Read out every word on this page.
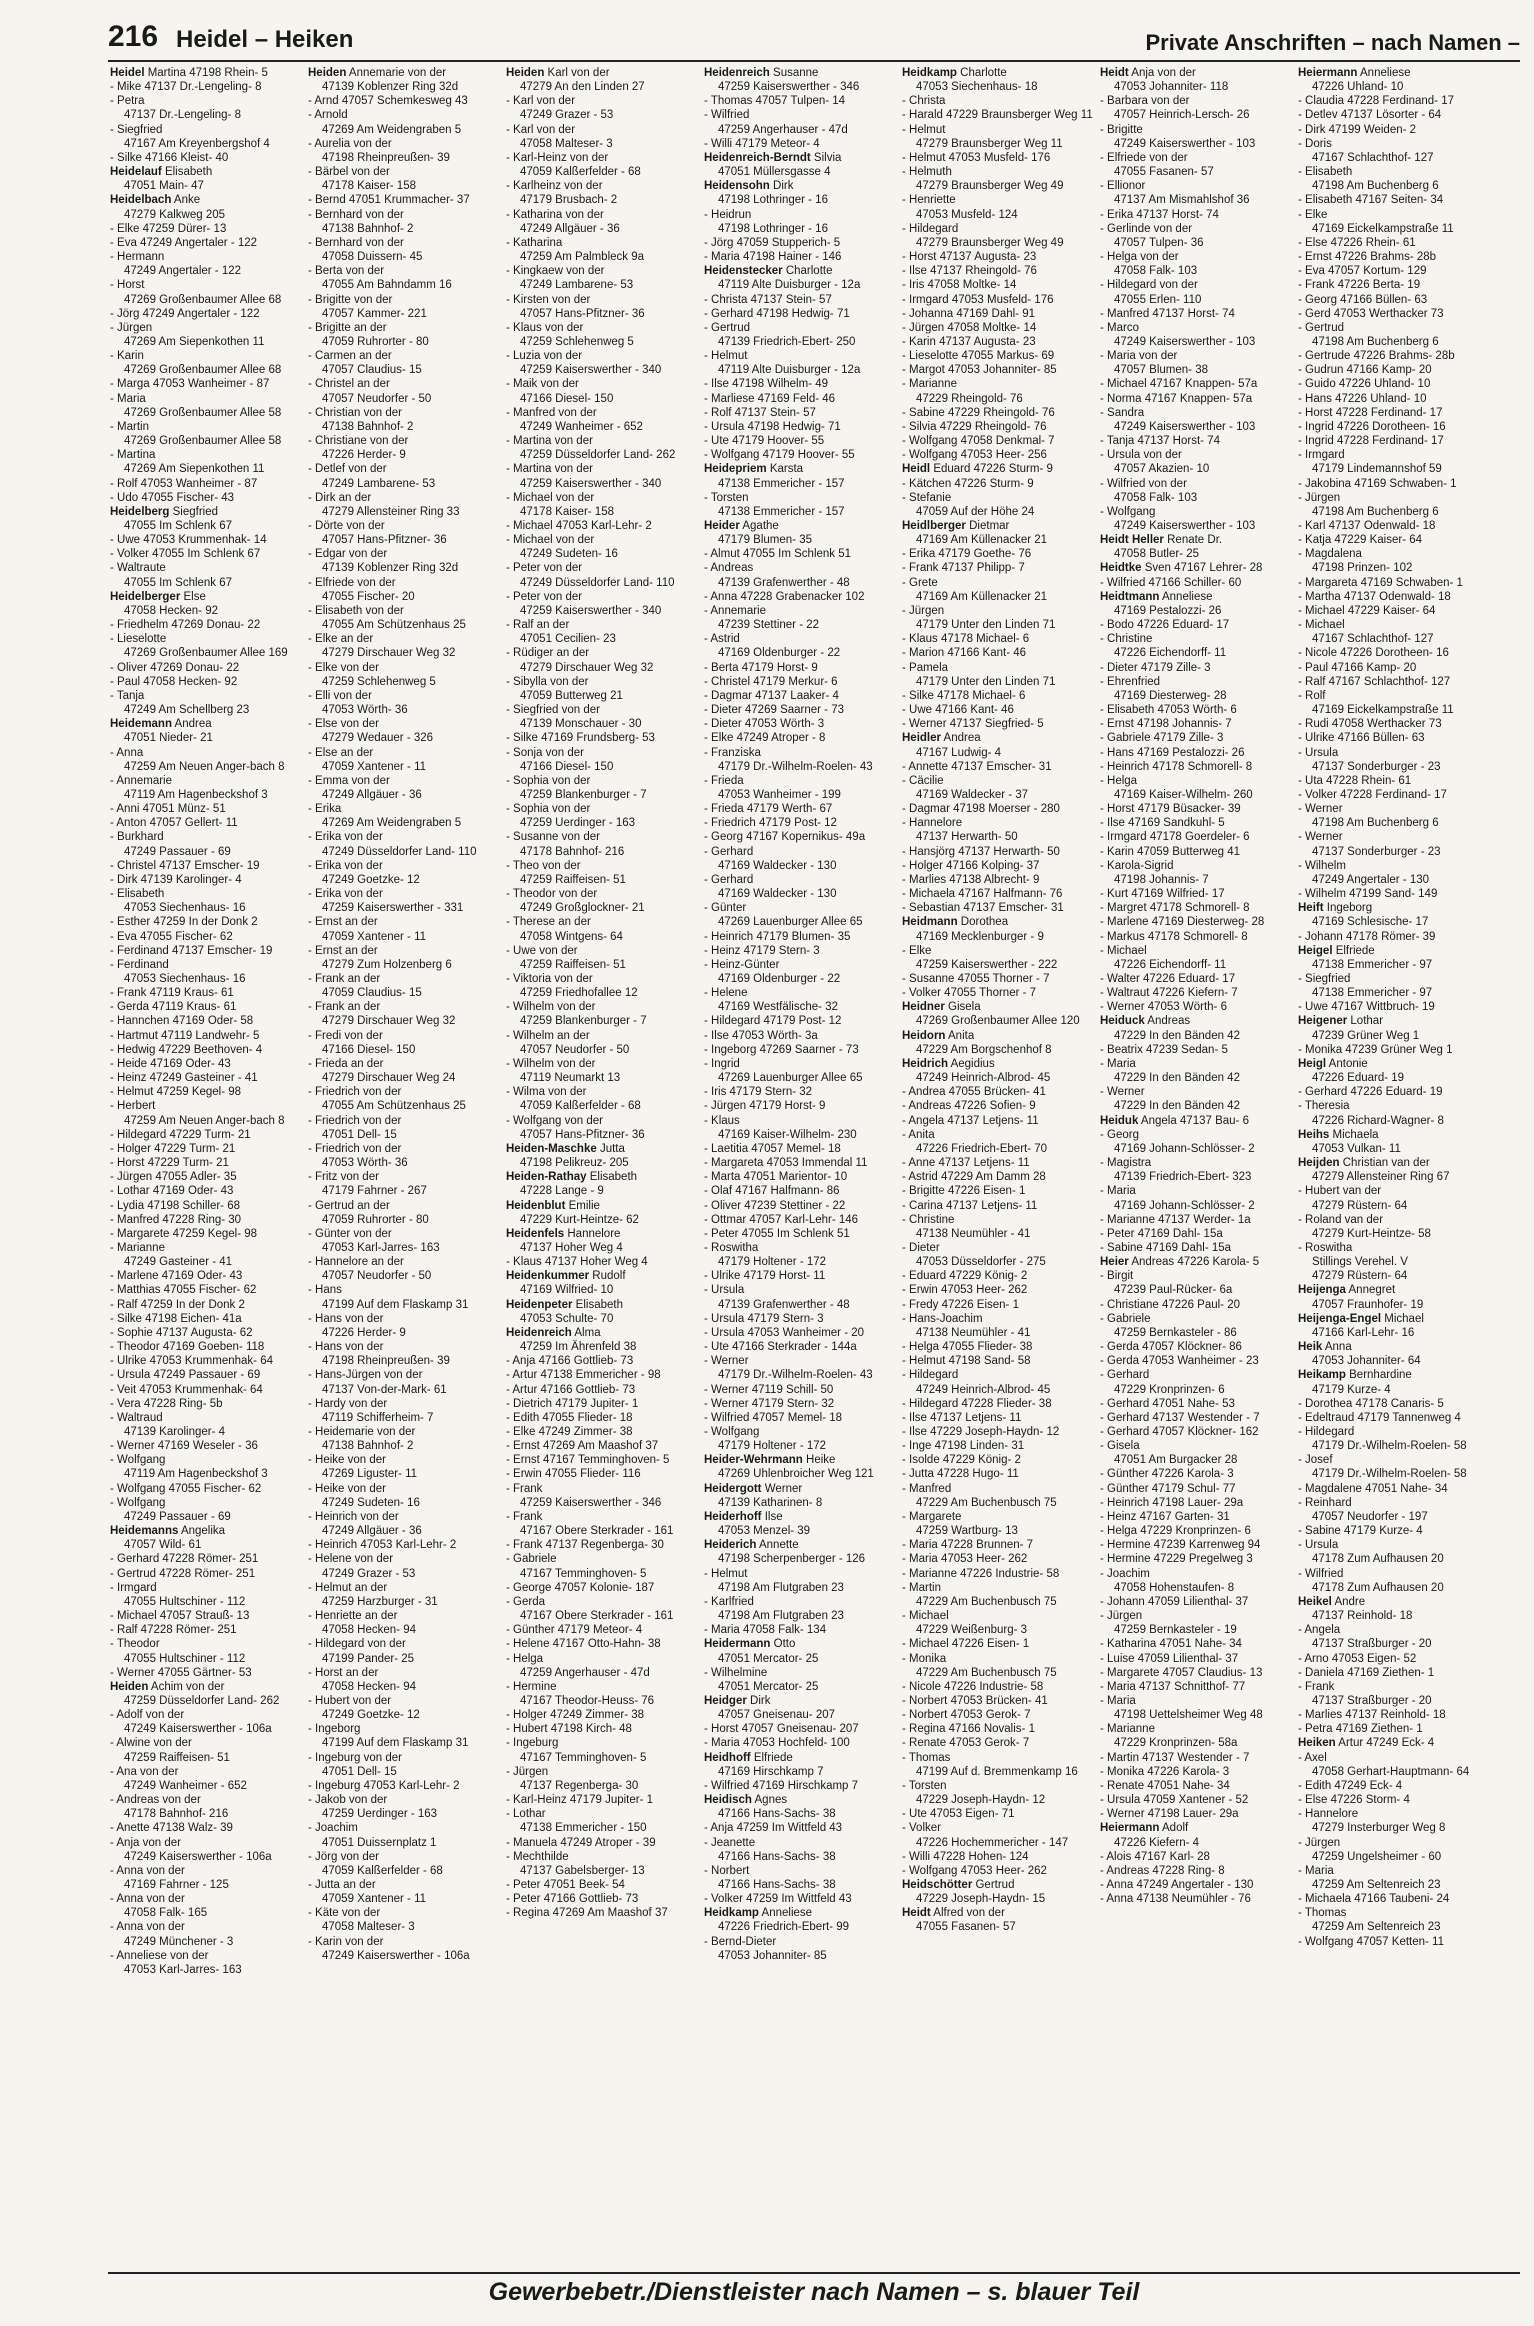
216 Heidel – Heiken	Private Anschriften – nach Namen –
Heidel Martina 47198 Rhein- 5
- Mike 47137 Dr.-Lengeling- 8
- Petra
47137 Dr.-Lengeling- 8
- Siegfried
47167 Am Kreyenbergshof 4
- Silke 47166 Kleist- 40
Heidelauf Elisabeth
47051 Main- 47
Heidelbach Anke
47279 Kalkweg 205
- Elke 47259 Dürer- 13
- Eva 47249 Angertaler - 122
- Hermann
47249 Angertaler - 122
- Horst
47269 Großenbaumer Allee 68
- Jörg 47249 Angertaler - 122
- Jürgen
47269 Am Siepenkothen 11
- Karin
47269 Großenbaumer Allee 68
- Marga 47053 Wanheimer - 87
- Maria
47269 Großenbaumer Allee 58
- Martin
47269 Großenbaumer Allee 58
- Martina
47269 Am Siepenkothen 11
- Rolf 47053 Wanheimer - 87
- Udo 47055 Fischer- 43
Heidelberg Siegfried
47055 Im Schlenk 67
- Uwe 47053 Krummenhak- 14
- Volker 47055 Im Schlenk 67
- Waltraute
47055 Im Schlenk 67
Heidelberger Else
47058 Hecken- 92
- Friedhelm 47269 Donau- 22
- Lieselotte
47269 Großenbaumer Allee 169
- Oliver 47269 Donau- 22
- Paul 47058 Hecken- 92
- Tanja
47249 Am Schellberg 23
Heidemann Andrea
47051 Nieder- 21
- Anna
47259 Am Neuen Anger-bach 8
- Annemarie
47119 Am Hagenbeckshof 3
- Anni 47051 Münz- 51
- Anton 47057 Gellert- 11
- Burkhard
47249 Passauer - 69
- Christel 47137 Emscher- 19
- Dirk 47139 Karolinger- 4
- Elisabeth
47053 Siechenhaus- 16
- Esther 47259 In der Donk 2
- Eva 47055 Fischer- 62
- Ferdinand 47137 Emscher- 19
- Ferdinand
47053 Siechenhaus- 16
- Frank 47119 Kraus- 61
- Gerda 47119 Kraus- 61
- Hannchen 47169 Oder- 58
- Hartmut 47119 Landwehr- 5
- Hedwig 47229 Beethoven- 4
- Heide 47169 Oder- 43
- Heinz 47249 Gasteiner - 41
- Helmut 47259 Kegel- 98
- Herbert
47259 Am Neuen Anger-bach 8
- Hildegard 47229 Turm- 21
- Holger 47229 Turm- 21
- Horst 47229 Turm- 21
- Jürgen 47055 Adler- 35
- Lothar 47169 Oder- 43
- Lydia 47198 Schiller- 68
- Manfred 47228 Ring- 30
- Margarete 47259 Kegel- 98
- Marianne
47249 Gasteiner - 41
- Marlene 47169 Oder- 43
- Matthias 47055 Fischer- 62
- Ralf 47259 In der Donk 2
- Silke 47198 Eichen- 41a
- Sophie 47137 Augusta- 62
- Theodor 47169 Goeben- 118
- Ulrike 47053 Krummenhak- 64
- Ursula 47249 Passauer - 69
- Veit 47053 Krummenhak- 64
- Vera 47228 Ring- 5b
- Waltraud
47139 Karolinger- 4
- Werner 47169 Weseler - 36
- Wolfgang
47119 Am Hagenbeckshof 3
- Wolfgang 47055 Fischer- 62
- Wolfgang
47249 Passauer - 69
Heidemanns Angelika
47057 Wild- 61
- Gerhard 47228 Römer- 251
- Gertrud 47228 Römer- 251
- Irmgard
47055 Hultschiner - 112
- Michael 47057 Strauß- 13
- Ralf 47228 Römer- 251
- Theodor
47055 Hultschiner - 112
- Werner 47055 Gärtner- 53
Heiden Achim von der
47259 Düsseldorfer Land- 262
- Adolf von der
47249 Kaiserswerther - 106a
- Alwine von der
47259 Raiffeisen- 51
- Ana von der
47249 Wanheimer - 652
- Andreas von der
47178 Bahnhof- 216
- Anette 47138 Walz- 39
- Anja von der
47249 Kaiserswerther - 106a
- Anna von der
47169 Fahrner - 125
- Anna von der
47058 Falk- 165
- Anna von der
47249 Münchener - 3
- Anneliese von der
47053 Karl-Jarres- 163
Heiden Annemarie von der
47139 Koblenzer Ring 32d
- Arnd 47057 Schemkesweg 43
- Arnold
47269 Am Weidengraben 5
- Aurelia von der
47198 Rheinpreußen- 39
- Bärbel von der
47178 Kaiser- 158
- Bernd 47051 Krummacher- 37
- Bernhard von der
47138 Bahnhof- 2
- Bernhard von der
47058 Duissern- 45
- Berta von der
47055 Am Bahndamm 16
- Brigitte von der
47057 Kammer- 221
- Brigitte an der
47059 Ruhrorter - 80
- Carmen an der
47057 Claudius- 15
- Christel an der
47057 Neudorfer - 50
- Christian von der
47138 Bahnhof- 2
- Christiane von der
47226 Herder- 9
- Detlef von der
47249 Lambarene- 53
- Dirk an der
47279 Allensteiner Ring 33
- Dörte von der
47057 Hans-Pfitzner- 36
- Edgar von der
47139 Koblenzer Ring 32d
- Elfriede von der
47055 Fischer- 20
- Elisabeth von der
47055 Am Schützenhaus 25
- Elke an der
47279 Dirschauer Weg 32
- Elke von der
47259 Schlehenweg 5
- Elli von der
47053 Wörth- 36
- Else von der
47279 Wedauer - 326
- Else an der
47059 Xantener - 11
- Emma von der
47249 Allgäuer - 36
- Erika
47269 Am Weidengraben 5
- Erika von der
47249 Düsseldorfer Land- 110
- Erika von der
47249 Goetzke- 12
- Erika von der
47259 Kaiserswerther - 331
- Ernst an der
47059 Xantener - 11
- Ernst an der
47279 Zum Holzenberg 6
- Frank an der
47059 Claudius- 15
- Frank an der
47279 Dirschauer Weg 32
- Fredi von der
47166 Diesel- 150
- Frieda an der
47279 Dirschauer Weg 24
- Friedrich von der
47055 Am Schützenhaus 25
- Friedrich von der
47051 Dell- 15
- Friedrich von der
47053 Wörth- 36
- Fritz von der
47179 Fahrner - 267
- Gertrud an der
47059 Ruhrorter - 80
- Günter von der
47053 Karl-Jarres- 163
- Hannelore an der
47057 Neudorfer - 50
- Hans
47199 Auf dem Flaskamp 31
- Hans von der
47226 Herder- 9
- Hans von der
47198 Rheinpreußen- 39
- Hans-Jürgen von der
47137 Von-der-Mark- 61
- Hardy von der
47119 Schifferheim- 7
- Heidemarie von der
47138 Bahnhof- 2
- Heike von der
47269 Liguster- 11
- Heike von der
47249 Sudeten- 16
- Heinrich von der
47249 Allgäuer - 36
- Heinrich 47053 Karl-Lehr- 2
- Helene von der
47249 Grazer - 53
- Helmut an der
47259 Harzburger - 31
- Henriette an der
47058 Hecken- 94
- Hildegard von der
47199 Pander- 25
- Horst an der
47058 Hecken- 94
- Hubert von der
47249 Goetzke- 12
- Ingeborg
47199 Auf dem Flaskamp 31
- Ingeburg von der
47051 Dell- 15
- Ingeburg 47053 Karl-Lehr- 2
- Jakob von der
47259 Uerdinger - 163
- Joachim
47051 Duissernplatz 1
- Jörg von der
47059 Kalßerfelder - 68
- Jutta an der
47059 Xantener - 11
- Käte von der
47058 Malteser- 3
- Karin von der
47249 Kaiserswerther - 106a
Heiden Karl von der
47279 An den Linden 27
- Karl von der
47249 Grazer - 53
- Karl von der
47058 Malteser- 3
- Karl-Heinz von der
47059 Kalßerfelder - 68
- Karlheinz von der
47179 Brusbach- 2
- Katharina von der
47249 Allgäuer - 36
- Katharina
47259 Am Palmbleck 9a
- Kingkaew von der
47249 Lambarene- 53
- Kirsten von der
47057 Hans-Pfitzner- 36
- Klaus von der
47259 Schlehenweg 5
- Luzia von der
47259 Kaiserswerther - 340
- Maik von der
47166 Diesel- 150
- Manfred von der
47249 Wanheimer - 652
- Martina von der
47259 Düsseldorfer Land- 262
- Martina von der
47259 Kaiserswerther - 340
- Michael von der
47178 Kaiser- 158
- Michael 47053 Karl-Lehr- 2
- Michael von der
47249 Sudeten- 16
- Peter von der
47249 Düsseldorfer Land- 110
- Peter von der
47259 Kaiserswerther - 340
- Ralf an der
47051 Cecilien- 23
- Rüdiger an der
47279 Dirschauer Weg 32
- Sibylla von der
47059 Butterweg 21
- Siegfried von der
47139 Monschauer - 30
- Silke 47169 Frundsberg- 53
- Sonja von der
47166 Diesel- 150
- Sophia von der
47259 Blankenburger - 7
- Sophia von der
47259 Uerdinger - 163
- Susanne von der
47178 Bahnhof- 216
- Theo von der
47259 Raiffeisen- 51
- Theodor von der
47249 Großglockner- 21
- Therese an der
47058 Wintgens- 64
- Uwe von der
47259 Raiffeisen- 51
- Viktoria von der
47259 Friedhofallee 12
- Wilhelm von der
47259 Blankenburger - 7
- Wilhelm an der
47057 Neudorfer - 50
- Wilhelm von der
47119 Neumarkt 13
- Wilma von der
47059 Kalßerfelder - 68
- Wolfgang von der
47057 Hans-Pfitzner- 36
Heiden-Maschke Jutta
47198 Pelikreuz- 205
Heiden-Rathay Elisabeth
47228 Lange - 9
Heidenblut Emilie
47229 Kurt-Heintze- 62
Heidenfels Hannelore
47137 Hoher Weg 4
- Klaus 47137 Hoher Weg 4
Heidenkummer Rudolf
47169 Wilfried- 10
Heidenpeter Elisabeth
47053 Schulte- 70
Heidenreich Alma
47259 Im Ährenfeld 38
- Anja 47166 Gottlieb- 73
- Artur 47138 Emmericher - 98
- Artur 47166 Gottlieb- 73
- Dietrich 47179 Jupiter- 1
- Edith 47055 Flieder- 18
- Elke 47249 Zimmer- 38
- Ernst 47269 Am Maashof 37
- Ernst 47167 Temminghoven- 5
- Erwin 47055 Flieder- 116
- Frank
47259 Kaiserswerther - 346
- Frank
47167 Obere Sterkrader - 161
- Frank 47137 Regenberga- 30
- Gabriele
47167 Temminghoven- 5
- George 47057 Kolonie- 187
- Gerda
47167 Obere Sterkrader - 161
- Günther 47179 Meteor- 4
- Helene 47167 Otto-Hahn- 38
- Helga
47259 Angerhauser - 47d
- Hermine
47167 Theodor-Heuss- 76
- Holger 47249 Zimmer- 38
- Hubert 47198 Kirch- 48
- Ingeburg
47167 Temminghoven- 5
- Jürgen
47137 Regenberga- 30
- Karl-Heinz 47179 Jupiter- 1
- Lothar
47138 Emmericher - 150
- Manuela 47249 Atroper - 39
- Mechthilde
47137 Gabelsberger- 13
- Peter 47051 Beek- 54
- Peter 47166 Gottlieb- 73
- Regina 47269 Am Maashof 37
Heidenreich Susanne
47259 Kaiserswerther - 346
- Thomas 47057 Tulpen- 14
- Wilfried
47259 Angerhauser - 47d
- Willi 47179 Meteor- 4
Heidenreich-Berndt Silvia
47051 Müllersgasse 4
Heidensohn Dirk
47198 Lothringer - 16
- Heidrun
47198 Lothringer - 16
- Jörg 47059 Stupperich- 5
- Maria 47198 Hainer - 146
Heidenstecker Charlotte
47119 Alte Duisburger - 12a
- Christa 47137 Stein- 57
- Gerhard 47198 Hedwig- 71
- Gertrud
47139 Friedrich-Ebert- 250
- Helmut
47119 Alte Duisburger - 12a
- Ilse 47198 Wilhelm- 49
- Marliese 47169 Feld- 46
- Rolf 47137 Stein- 57
- Ursula 47198 Hedwig- 71
- Ute 47179 Hoover- 55
- Wolfgang 47179 Hoover- 55
Heidepriem Karsta
47138 Emmericher - 157
- Torsten
47138 Emmericher - 157
Heider Agathe
47179 Blumen- 35
- Almut 47055 Im Schlenk 51
- Andreas
47139 Grafenwerther - 48
- Anna 47228 Grabenacker 102
- Annemarie
47239 Stettiner - 22
- Astrid
47169 Oldenburger - 22
- Berta 47179 Horst- 9
- Christel 47179 Merkur- 6
- Dagmar 47137 Laaker- 4
- Dieter 47269 Saarner - 73
- Dieter 47053 Wörth- 3
- Elke 47249 Atroper - 8
- Franziska
47179 Dr.-Wilhelm-Roelen- 43
- Frieda
47053 Wanheimer - 199
- Frieda 47179 Werth- 67
- Friedrich 47179 Post- 12
- Georg 47167 Kopernikus- 49a
- Gerhard
47169 Waldecker - 130
- Gerhard
47169 Waldecker - 130
- Günter
47269 Lauenburger Allee 65
- Heinrich 47179 Blumen- 35
- Heinz 47179 Stern- 3
- Heinz-Günter
47169 Oldenburger - 22
- Helene
47169 Westfälische- 32
- Hildegard 47179 Post- 12
- Ilse 47053 Wörth- 3a
- Ingeborg 47269 Saarner - 73
- Ingrid
47269 Lauenburger Allee 65
- Iris 47179 Stern- 32
- Jürgen 47179 Horst- 9
- Klaus
47169 Kaiser-Wilhelm- 230
- Laetitia 47057 Memel- 18
- Margareta 47053 Immendal 11
- Marta 47051 Marientor- 10
- Olaf 47167 Halfmann- 86
- Oliver 47239 Stettiner - 22
- Ottmar 47057 Karl-Lehr- 146
- Peter 47055 Im Schlenk 51
- Roswitha
47179 Holtener - 172
- Ulrike 47179 Horst- 11
- Ursula
47139 Grafenwerther - 48
- Ursula 47179 Stern- 3
- Ursula 47053 Wanheimer - 20
- Ute 47166 Sterkrader - 144a
- Werner
47179 Dr.-Wilhelm-Roelen- 43
- Werner 47119 Schill- 50
- Werner 47179 Stern- 32
- Wilfried 47057 Memel- 18
- Wolfgang
47179 Holtener - 172
Heider-Wehrmann Heike
47269 Uhlenbroicher Weg 121
Heidergott Werner
47139 Katharinen- 8
Heiderhoff Ilse
47053 Menzel- 39
Heiderich Annette
47198 Scherpenberger - 126
- Helmut
47198 Am Flutgraben 23
- Karlfried
47198 Am Flutgraben 23
- Maria 47058 Falk- 134
Heidermann Otto
47051 Mercator- 25
- Wilhelmine
47051 Mercator- 25
Heidger Dirk
47057 Gneisenau- 207
- Horst 47057 Gneisenau- 207
- Maria 47053 Hochfeld- 100
Heidhoff Elfriede
47169 Hirschkamp 7
- Wilfried 47169 Hirschkamp 7
Heidisch Agnes
47166 Hans-Sachs- 38
- Anja 47259 Im Wittfeld 43
- Jeanette
47166 Hans-Sachs- 38
- Norbert
47166 Hans-Sachs- 38
- Volker 47259 Im Wittfeld 43
Heidkamp Anneliese
47226 Friedrich-Ebert- 99
- Bernd-Dieter
47053 Johanniter- 85
Heidkamp Charlotte
47053 Siechenhaus- 18
- Christa
- Harald 47229 Braunsberger Weg 11
- Helmut
47279 Braunsberger Weg 11
- Helmut 47053 Musfeld- 176
- Helmuth
47279 Braunsberger Weg 49
- Henriette
47053 Musfeld- 124
- Hildegard
47279 Braunsberger Weg 49
- Horst 47137 Augusta- 23
- Ilse 47137 Rheingold- 76
- Iris 47058 Moltke- 14
- Irmgard 47053 Musfeld- 176
- Johanna 47169 Dahl- 91
- Jürgen 47058 Moltke- 14
- Karin 47137 Augusta- 23
- Lieselotte 47055 Markus- 69
- Margot 47053 Johanniter- 85
- Marianne
47229 Rheingold- 76
- Sabine 47229 Rheingold- 76
- Silvia 47229 Rheingold- 76
- Wolfgang 47058 Denkmal- 7
- Wolfgang 47053 Heer- 256
Heidl Eduard 47226 Sturm- 9
- Kätchen 47226 Sturm- 9
- Stefanie
47059 Auf der Höhe 24
Heidlberger Dietmar
47169 Am Küllenacker 21
- Erika 47179 Goethe- 76
- Frank 47137 Philipp- 7
- Grete
47169 Am Küllenacker 21
- Jürgen
47179 Unter den Linden 71
- Klaus 47178 Michael- 6
- Marion 47166 Kant- 46
- Pamela
47179 Unter den Linden 71
- Silke 47178 Michael- 6
- Uwe 47166 Kant- 46
- Werner 47137 Siegfried- 5
Heidler Andrea
47167 Ludwig- 4
- Annette 47137 Emscher- 31
- Cäcilie
47169 Waldecker - 37
- Dagmar 47198 Moerser - 280
- Hannelore
47137 Herwarth- 50
- Hansjörg 47137 Herwarth- 50
- Holger 47166 Kolping- 37
- Marlies 47138 Albrecht- 9
- Michaela 47167 Halfmann- 76
- Sebastian 47137 Emscher- 31
Heidmann Dorothea
47169 Mecklenburger - 9
- Elke
47259 Kaiserswerther - 222
- Susanne 47055 Thorner - 7
- Volker 47055 Thorner - 7
Heidner Gisela
47269 Großenbaumer Allee 120
Heidorn Anita
47229 Am Borgschenhof 8
Heidrich Aegidius
47249 Heinrich-Albrod- 45
- Andrea 47055 Brücken- 41
- Andreas 47226 Sofien- 9
- Angela 47137 Letjens- 11
- Anita
47226 Friedrich-Ebert- 70
- Anne 47137 Letjens- 11
- Astrid 47229 Am Damm 28
- Brigitte 47226 Eisen- 1
- Carina 47137 Letjens- 11
- Christine
47138 Neumühler - 41
- Dieter
47053 Düsseldorfer - 275
- Eduard 47229 König- 2
- Erwin 47053 Heer- 262
- Fredy 47226 Eisen- 1
- Hans-Joachim
47138 Neumühler - 41
- Helga 47055 Flieder- 38
- Helmut 47198 Sand- 58
- Hildegard
47249 Heinrich-Albrod- 45
- Hildegard 47228 Flieder- 38
- Ilse 47137 Letjens- 11
- Ilse 47229 Joseph-Haydn- 12
- Inge 47198 Linden- 31
- Isolde 47229 König- 2
- Jutta 47228 Hugo- 11
- Manfred
47229 Am Buchenbusch 75
- Margarete
47259 Wartburg- 13
- Maria 47228 Brunnen- 7
- Maria 47053 Heer- 262
- Marianne 47226 Industrie- 58
- Martin
47229 Am Buchenbusch 75
- Michael
47229 Weißenburg- 3
- Michael 47226 Eisen- 1
- Monika
47229 Am Buchenbusch 75
- Nicole 47226 Industrie- 58
- Norbert 47053 Brücken- 41
- Norbert 47053 Gerok- 7
- Regina 47166 Novalis- 1
- Renate 47053 Gerok- 7
- Thomas
47199 Auf d. Bremmenkamp 16
- Torsten
47229 Joseph-Haydn- 12
- Ute 47053 Eigen- 71
- Volker
47226 Hochemmericher - 147
- Willi 47228 Hohen- 124
- Wolfgang 47053 Heer- 262
Heidschötter Gertrud
47229 Joseph-Haydn- 15
Heidt Alfred von der
47055 Fasanen- 57
Heidt Anja von der
47053 Johanniter- 118
- Barbara von der
47057 Heinrich-Lersch- 26
- Brigitte
47249 Kaiserswerther - 103
- Elfriede von der
47055 Fasanen- 57
- Ellionor
47137 Am Mismahlshof 36
- Erika 47137 Horst- 74
- Gerlinde von der
47057 Tulpen- 36
- Helga von der
47058 Falk- 103
- Hildegard von der
47055 Erlen- 110
- Manfred 47137 Horst- 74
- Marco
47249 Kaiserswerther - 103
- Maria von der
47057 Blumen- 38
- Michael 47167 Knappen- 57a
- Norma 47167 Knappen- 57a
- Sandra
47249 Kaiserswerther - 103
- Tanja 47137 Horst- 74
- Ursula von der
47057 Akazien- 10
- Wilfried von der
47058 Falk- 103
- Wolfgang
47249 Kaiserswerther - 103
Heidt Heller Renate Dr.
47058 Butler- 25
Heidtke Sven 47167 Lehrer- 28
- Wilfried 47166 Schiller- 60
Heidtmann Anneliese
47169 Pestalozzi- 26
- Bodo 47226 Eduard- 17
- Christine
47226 Eichendorff- 11
- Dieter 47179 Zille- 3
- Ehrenfried
47169 Diesterweg- 28
- Elisabeth 47053 Wörth- 6
- Ernst 47198 Johannis- 7
- Gabriele 47179 Zille- 3
- Hans 47169 Pestalozzi- 26
- Heinrich 47178 Schmorell- 8
- Helga
47169 Kaiser-Wilhelm- 260
- Horst 47179 Büsacker- 39
- Ilse 47169 Sandkuhl- 5
- Irmgard 47178 Goerdeler- 6
- Karin 47059 Butterweg 41
- Karola-Sigrid
47198 Johannis- 7
- Kurt 47169 Wilfried- 17
- Margret 47178 Schmorell- 8
- Marlene 47169 Diesterweg- 28
- Markus 47178 Schmorell- 8
- Michael
47226 Eichendorff- 11
- Walter 47226 Eduard- 17
- Waltraut 47226 Kiefern- 7
- Werner 47053 Wörth- 6
Heiduck Andreas
47229 In den Bänden 42
- Beatrix 47239 Sedan- 5
- Maria
47229 In den Bänden 42
- Werner
47229 In den Bänden 42
Heiduk Angela 47137 Bau- 6
- Georg
47169 Johann-Schlösser- 2
- Magistra
47139 Friedrich-Ebert- 323
- Maria
47169 Johann-Schlösser- 2
- Marianne 47137 Werder- 1a
- Peter 47169 Dahl- 15a
- Sabine 47169 Dahl- 15a
Heier Andreas 47226 Karola- 5
- Birgit
47239 Paul-Rücker- 6a
- Christiane 47226 Paul- 20
- Gabriele
47259 Bernkasteler - 86
- Gerda 47057 Klöckner- 86
- Gerda 47053 Wanheimer - 23
- Gerhard
47229 Kronprinzen- 6
- Gerhard 47051 Nahe- 53
- Gerhard 47137 Westender - 7
- Gerhard 47057 Klöckner- 162
- Gisela
47051 Am Burgacker 28
- Günther 47226 Karola- 3
- Günther 47179 Schul- 77
- Heinrich 47198 Lauer- 29a
- Heinz 47167 Garten- 31
- Helga 47229 Kronprinzen- 6
- Hermine 47239 Karrenweg 94
- Hermine 47229 Pregelweg 3
- Joachim
47058 Hohenstaufen- 8
- Johann 47059 Lilienthal- 37
- Jürgen
47259 Bernkasteler - 19
- Katharina 47051 Nahe- 34
- Luise 47059 Lilienthal- 37
- Margarete 47057 Claudius- 13
- Maria 47137 Schnitthof- 77
- Maria
47198 Uettelsheimer Weg 48
- Marianne
47229 Kronprinzen- 58a
- Martin 47137 Westender - 7
- Monika 47226 Karola- 3
- Renate 47051 Nahe- 34
- Ursula 47059 Xantener - 52
- Werner 47198 Lauer- 29a
Heiermann Adolf
47226 Kiefern- 4
- Alois 47167 Karl- 28
- Andreas 47228 Ring- 8
- Anna 47249 Angertaler - 130
- Anna 47138 Neumühler - 76
Heiermann Anneliese
47226 Uhland- 10
- Claudia 47228 Ferdinand- 17
- Detlev 47137 Lösorter - 64
- Dirk 47199 Weiden- 2
- Doris
47167 Schlachthof- 127
- Elisabeth
47198 Am Buchenberg 6
- Elisabeth 47167 Seiten- 34
- Elke
47169 Eickelkampstraße 11
- Else 47226 Rhein- 61
- Ernst 47226 Brahms- 28b
- Eva 47057 Kortum- 129
- Frank 47226 Berta- 19
- Georg 47166 Büllen- 63
- Gerd 47053 Werthacker 73
- Gertrud
47198 Am Buchenberg 6
- Gertrude 47226 Brahms- 28b
- Gudrun 47166 Kamp- 20
- Guido 47226 Uhland- 10
- Hans 47226 Uhland- 10
- Horst 47228 Ferdinand- 17
- Ingrid 47226 Dorotheen- 16
- Ingrid 47228 Ferdinand- 17
- Irmgard
47179 Lindemannshof 59
- Jakobina 47169 Schwaben- 1
- Jürgen
47198 Am Buchenberg 6
- Karl 47137 Odenwald- 18
- Katja 47229 Kaiser- 64
- Magdalena
47198 Prinzen- 102
- Margareta 47169 Schwaben- 1
- Martha 47137 Odenwald- 18
- Michael 47229 Kaiser- 64
- Michael
47167 Schlachthof- 127
- Nicole 47226 Dorotheen- 16
- Paul 47166 Kamp- 20
- Ralf 47167 Schlachthof- 127
- Rolf
47169 Eickelkampstraße 11
- Rudi 47058 Werthacker 73
- Ulrike 47166 Büllen- 63
- Ursula
47137 Sonderburger - 23
- Uta 47228 Rhein- 61
- Volker 47228 Ferdinand- 17
- Werner
47198 Am Buchenberg 6
- Werner
47137 Sonderburger - 23
- Wilhelm
47249 Angertaler - 130
- Wilhelm 47199 Sand- 149
Heift Ingeborg
47169 Schlesische- 17
- Johann 47178 Römer- 39
Heigel Elfriede
47138 Emmericher - 97
- Siegfried
47138 Emmericher - 97
- Uwe 47167 Wittbruch- 19
Heigener Lothar
47239 Grüner Weg 1
- Monika 47239 Grüner Weg 1
Heigl Antonie
47226 Eduard- 19
- Gerhard 47226 Eduard- 19
- Theresia
47226 Richard-Wagner- 8
Heihs Michaela
47053 Vulkan- 11
Heijden Christian van der
47279 Allensteiner Ring 67
- Hubert van der
47279 Rüstern- 64
- Roland van der
47279 Kurt-Heintze- 58
- Roswitha
Stillings Verehel. V
47279 Rüstern- 64
Heijenga Annegret
47057 Fraunhofer- 19
Heijenga-Engel Michael
47166 Karl-Lehr- 16
Heik Anna
47053 Johanniter- 64
Heikamp Bernhardine
47179 Kurze- 4
- Dorothea 47178 Canaris- 5
- Edeltraud 47179 Tannenweg 4
- Hildegard
47179 Dr.-Wilhelm-Roelen- 58
- Josef
47179 Dr.-Wilhelm-Roelen- 58
- Magdalene 47051 Nahe- 34
- Reinhard
47057 Neudorfer - 197
- Sabine 47179 Kurze- 4
- Ursula
47178 Zum Aufhausen 20
- Wilfried
47178 Zum Aufhausen 20
Heikel Andre
47137 Reinhold- 18
- Angela
47137 Straßburger - 20
- Arno 47053 Eigen- 52
- Daniela 47169 Ziethen- 1
- Frank
47137 Straßburger - 20
- Marlies 47137 Reinhold- 18
- Petra 47169 Ziethen- 1
Heiken Artur 47249 Eck- 4
- Axel
47058 Gerhart-Hauptmann- 64
- Edith 47249 Eck- 4
- Else 47226 Storm- 4
- Hannelore
47279 Insterburger Weg 8
- Jürgen
47259 Ungelsheimer - 60
- Maria
47259 Am Seltenreich 23
- Michaela 47166 Taubeni- 24
- Thomas
47259 Am Seltenreich 23
- Wolfgang 47057 Ketten- 11
Gewerbebetr./Dienstleister nach Namen – s. blauer Teil
